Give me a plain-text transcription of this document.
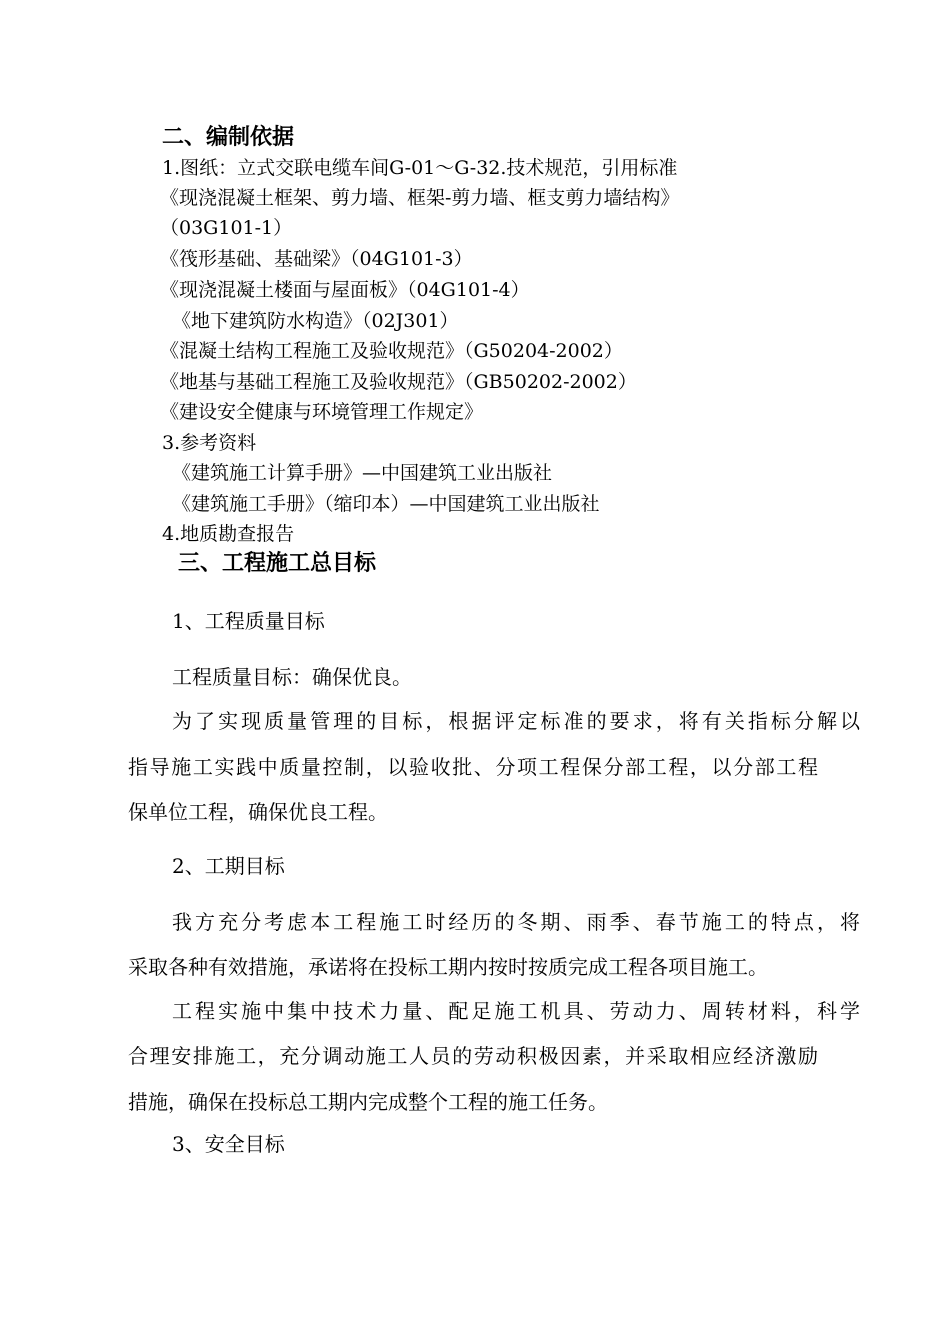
二、编制依据
1.图纸：立式交联电缆车间G-01～G-32.技术规范，引用标准
《现浇混凝土框架、剪力墙、框架-剪力墙、框支剪力墙结构》
（03G101-1）
《筏形基础、基础梁》（04G101-3）
《现浇混凝土楼面与屋面板》（04G101-4）
《地下建筑防水构造》（02J301）
《混凝土结构工程施工及验收规范》（G50204-2002）
《地基与基础工程施工及验收规范》（GB50202-2002）
《建设安全健康与环境管理工作规定》
3.参考资料
《建筑施工计算手册》—中国建筑工业出版社
《建筑施工手册》（缩印本）—中国建筑工业出版社
4.地质勘查报告
三、工程施工总目标
1、工程质量目标
工程质量目标：确保优良。
为了实现质量管理的目标，根据评定标准的要求，将有关指标分解以
指导施工实践中质量控制，以验收批、分项工程保分部工程，以分部工程
保单位工程，确保优良工程。
2、工期目标
我方充分考虑本工程施工时经历的冬期、雨季、春节施工的特点，将
采取各种有效措施，承诺将在投标工期内按时按质完成工程各项目施工。
工程实施中集中技术力量、配足施工机具、劳动力、周转材料，科学
合理安排施工，充分调动施工人员的劳动积极因素，并采取相应经济激励
措施，确保在投标总工期内完成整个工程的施工任务。
3、安全目标
